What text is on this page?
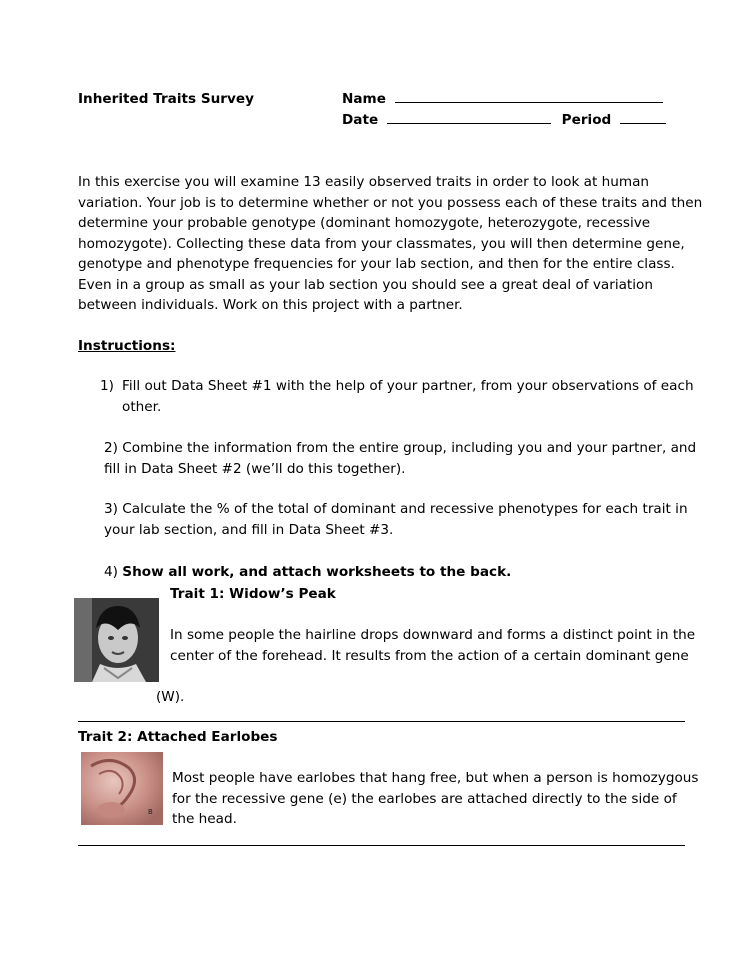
Inherited Traits Survey	Name
Date	Period
In this exercise you will examine 13 easily observed traits in order to look at human variation. Your job is to determine whether or not you possess each of these traits and then determine your probable genotype (dominant homozygote, heterozygote, recessive homozygote). Collecting these data from your classmates, you will then determine gene, genotype and phenotype frequencies for your lab section, and then for the entire class. Even in a group as small as your lab section you should see a great deal of variation between individuals. Work on this project with a partner.
Instructions:
1) Fill out Data Sheet #1 with the help of your partner, from your observations of each other.
2) Combine the information from the entire group, including you and your partner, and fill in Data Sheet #2 (we’ll do this together).
3) Calculate the % of the total of dominant and recessive phenotypes for each trait in your lab section, and fill in Data Sheet #3.
4) Show all work, and attach worksheets to the back.
Trait 1: Widow’s Peak
In some people the hairline drops downward and forms a distinct point in the center of the forehead. It results from the action of a certain dominant gene
(W).
Trait 2: Attached Earlobes
B
Most people have earlobes that hang free, but when a person is homozygous for the recessive gene (e) the earlobes are attached directly to the side of the head.
